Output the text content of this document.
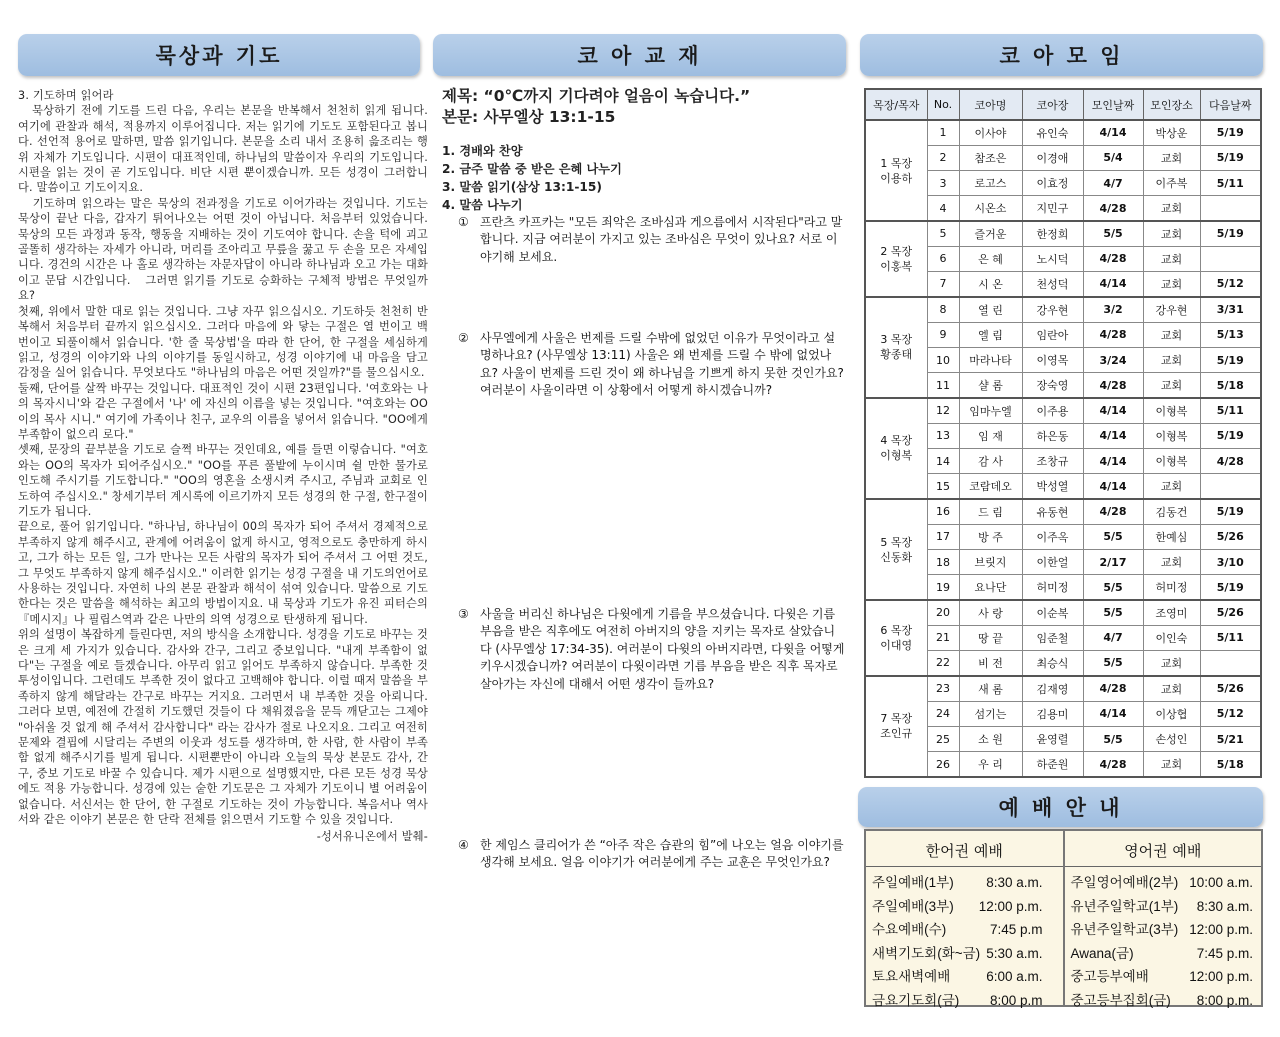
묵상과 기도	코 아 교 재	코 아 모 임

3. 기도하며 읽어라

묵상하기 전에 기도를 드린 다음, 우리는 본문을 반복해서 천천히 읽게 됩니다. 여기에 관찰과 해석, 적용까지 이루어집니다. 저는 읽기에 기도도 포함된다고 봅니다. 선언적 용어로 말하면, 말씀 읽기입니다. 본문을 소리 내서 조용히 읊조리는 행위 자체가 기도입니다. 시편이 대표적인데, 하나님의 말씀이자 우리의 기도입니다. 시편을 읽는 것이 곧 기도입니다. 비단 시편 뿐이겠습니까. 모든 성경이 그러합니다. 말씀이고 기도이지요.

기도하며 읽으라는 말은 묵상의 전과정을 기도로 이어가라는 것입니다. 기도는 묵상이 끝난 다음, 갑자기 튀어나오는 어떤 것이 아닙니다. 처음부터 있었습니다. 묵상의 모든 과정과 동작, 행동을 지배하는 것이 기도여야 합니다. 손을 턱에 괴고 골똘히 생각하는 자세가 아니라, 머리를 조아리고 무릎을 꿇고 두 손을 모은 자세입니다. 경건의 시간은 나 홀로 생각하는 자문자답이 아니라 하나님과 오고 가는 대화이고 문답 시간입니다.   그러면 읽기를 기도로 승화하는 구체적 방법은 무엇일까요?

첫째, 위에서 말한 대로 읽는 것입니다. 그냥 자꾸 읽으십시오. 기도하듯 천천히 반복해서 처음부터 끝까지 읽으십시오. 그러다 마음에 와 닿는 구절은 열 번이고 백 번이고 되풀이해서 읽습니다. '한 줄 묵상법'을 따라 한 단어, 한 구절을 세심하게 읽고, 성경의 이야기와 나의 이야기를 동일시하고, 성경 이야기에 내 마음을 담고 감정을 실어 읽습니다. 무엇보다도 "하나님의 마음은 어떤 것일까?"를 물으십시오.

둘째, 단어를 살짝 바꾸는 것입니다. 대표적인 것이 시편 23편입니다. '여호와는 나의 목자시니'와 같은 구절에서 '나' 에 자신의 이름을 넣는 것입니다. "여호와는 OO이의 목사 시니." 여기에 가족이나 친구, 교우의 이름을 넣어서 읽습니다. "OO에게 부족함이 없으리 로다."

셋째, 문장의 끝부분을 기도로 슬쩍 바꾸는 것인데요, 예를 들면 이렇습니다. "여호와는 OO의 목자가 되어주십시오." "OO를 푸른 풀밭에 누이시며 쉴 만한 물가로 인도해 주시기를 기도합니다." "OO의 영혼을 소생시켜 주시고, 주님과 교회로 인도하여 주십시오." 창세기부터 계시록에 이르기까지 모든 성경의 한 구절, 한구절이 기도가 됩니다.

끝으로, 풀어 읽기입니다. "하나님, 하나님이 00의 목자가 되어 주셔서 경제적으로 부족하지 않게 해주시고, 관계에 어려움이 없게 하시고, 영적으로도 충만하게 하시고, 그가 하는 모든 일, 그가 만나는 모든 사람의 목자가 되어 주셔서 그 어떤 것도, 그 무엇도 부족하지 않게 해주십시오." 이러한 읽기는 성경 구절을 내 기도의언어로 사용하는 것입니다. 자연히 나의 본문 관찰과 해석이 섞여 있습니다. 말씀으로 기도한다는 것은 말씀을 해석하는 최고의 방법이지요. 내 묵상과 기도가 유진 피터슨의 『메시지』나 필립스역과 같은 나만의 의역 성경으로 탄생하게 됩니다.

위의 설명이 복잡하게 들린다면, 저의 방식을 소개합니다. 성경을 기도로 바꾸는 것은 크게 세 가지가 있습니다. 감사와 간구, 그리고 중보입니다. "내게 부족함이 없다"는 구절을 예로 들겠습니다. 아무리 읽고 읽어도 부족하지 않습니다. 부족한 것투성이입니다. 그런데도 부족한 것이 없다고 고백해야 합니다. 이럴 때저 말씀을 부족하지 않게 해달라는 간구로 바꾸는 거지요. 그러면서 내 부족한 것을 아뢰니다. 그러다 보면, 예전에 간절히 기도했던 것들이 다 채워졌음을 문득 깨닫고는 그제야 "아쉬울 것 없게 해 주셔서 감사합니다" 라는 감사가 절로 나오지요. 그리고 여전히 문제와 결핍에 시달리는 주변의 이웃과 성도를 생각하며, 한 사람, 한 사람이 부족함 없게 해주시기를 빌게 됩니다. 시편뿐만이 아니라 오늘의 묵상 본문도 감사, 간구, 중보 기도로 바꿀 수 있습니다. 제가 시편으로 설명했지만, 다른 모든 성경 묵상에도 적용 가능합니다. 성경에 있는 숱한 기도문은 그 자체가 기도이니 별 어려움이 없습니다. 서신서는 한 단어, 한 구절로 기도하는 것이 가능합니다. 복음서나 역사서와 같은 이야기 본문은 한 단락 전체를 읽으면서 기도할 수 있을 것입니다.

-성서유니온에서 발췌-

제목: “0℃까지 기다려야 얼음이 녹습니다.”
본문: 사무엘상 13:1-15
1. 경배와 찬양
2. 금주 말씀 중 받은 은혜 나누기
3. 말씀 읽기(삼상 13:1-15)
4. 말씀 나누기
① 프란츠 카프카는 "모든 죄악은 조바심과 게으름에서 시작된다"라고 말합니다. 지금 여러분이 가지고 있는 조바심은 무엇이 있나요? 서로 이야기해 보세요.
② 사무엘에게 사울은 번제를 드릴 수밖에 없었던 이유가 무엇이라고 설명하나요? (사무엘상 13:11) 사울은 왜 번제를 드릴 수 밖에 없었나요? 사울이 번제를 드린 것이 왜 하나님을 기쁘게 하지 못한 것인가요? 여러분이 사울이라면 이 상황에서 어떻게 하시겠습니까?
③ 사울을 버리신 하나님은 다윗에게 기름을 부으셨습니다. 다윗은 기름 부음을 받은 직후에도 여전히 아버지의 양을 지키는 목자로 살았습니다 (사무엘상 17:34-35). 여러분이 다윗의 아버지라면, 다윗을 어떻게 키우시겠습니까? 여러분이 다윗이라면 기름 부음을 받은 직후 목자로 살아가는 자신에 대해서 어떤 생각이 들까요?
④ 한 제임스 클리어가 쓴 “아주 작은 습관의 힘”에 나오는 얼음 이야기를 생각해 보세요. 얼음 이야기가 여러분에게 주는 교훈은 무엇인가요?
목장/목자	No.	코아명	코아장	모인날짜	모인장소	다음날짜

1 목장
이용하	1	이사야	유인숙	4/14	박상운	5/19
	2	참조은	이경애	5/4	교회	5/19
	3	로고스	이효정	4/7	이주복	5/11
	4	시온소	지민구	4/28	교회	

2 목장
이홍복	5	즐거운	한정희	5/5	교회	5/19
	6	은 혜	노시덕	4/28	교회	
	7	시 온	천성덕	4/14	교회	5/12

3 목장
황종태	8	열 린	강우현	3/2	강우현	3/31
	9	엘 림	임란아	4/28	교회	5/13
	10	마라나타	이영목	3/24	교회	5/19
	11	샬 롬	장숙영	4/28	교회	5/18

4 목장
이형복	12	임마누엘	이주용	4/14	이형복	5/11
	13	임 재	하은동	4/14	이형복	5/19
	14	감 사	조창규	4/14	이형복	4/28
	15	코람데오	박성열	4/14	교회	

5 목장
신동화	16	드 림	유동현	4/28	김동건	5/19
	17	방 주	이주옥	5/5	한예심	5/26
	18	브릿지	이한얼	2/17	교회	3/10
	19	요나단	허미정	5/5	허미정	5/19

6 목장
이대영	20	사 랑	이순복	5/5	조영미	5/26
	21	땅 끝	임준철	4/7	이인숙	5/11
	22	비 전	최승식	5/5	교회	

7 목장
조인규	23	새 롬	김재영	4/28	교회	5/26
	24	섬기는	김용미	4/14	이상협	5/12
	25	소 원	윤영렬	5/5	손성인	5/21
	26	우 리	하준원	4/28	교회	5/18
예 배 안 내
한어권 예배
주일예배(1부) 8:30 a.m.
주일예배(3부) 12:00 p.m.
수요예배(수)	7:45 p.m
새벽기도회(화~금) 5:30 a.m.
토요새벽예배	6:00 a.m.
금요기도회(금) 8:00 p.m
영어권 예배
주일영어예배(2부) 10:00 a.m.
유년주일학교(1부) 8:30 a.m.
유년주일학교(3부) 12:00 p.m.
Awana(금)	7:45 p.m.
중고등부예배	12:00 p.m.
중고등부집회(금) 8:00 p.m.
